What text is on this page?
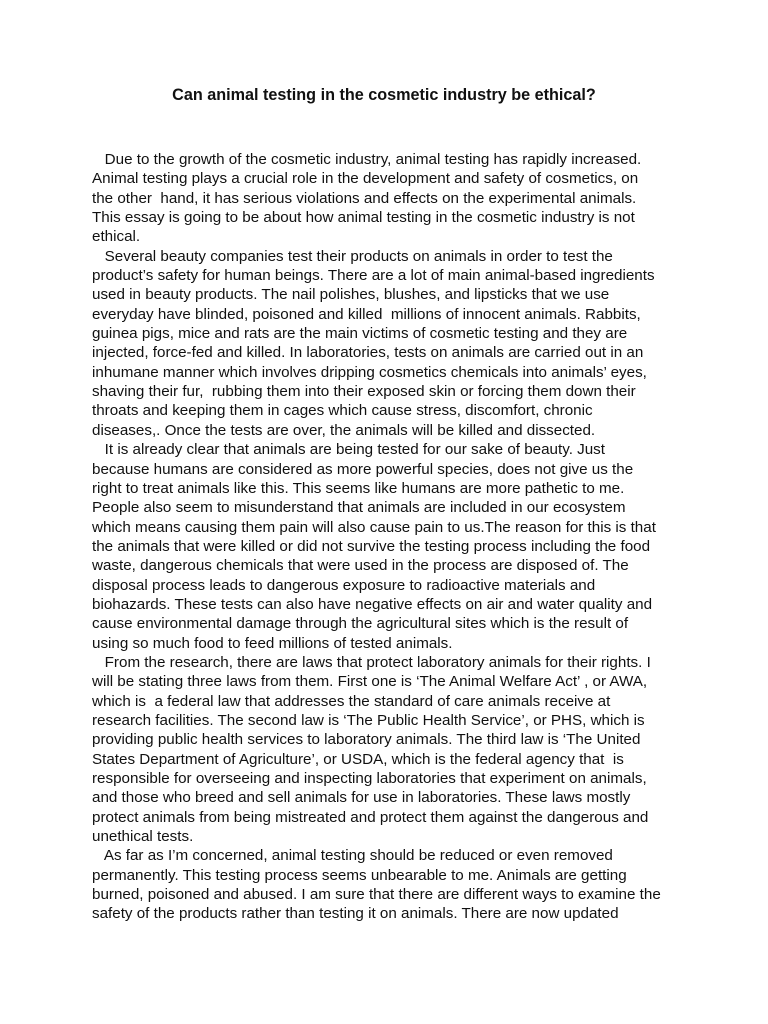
Can animal testing in the cosmetic industry be ethical?
Due to the growth of the cosmetic industry, animal testing has rapidly increased.
Animal testing plays a crucial role in the development and safety of cosmetics, on
the other  hand, it has serious violations and effects on the experimental animals.
This essay is going to be about how animal testing in the cosmetic industry is not
ethical.
Several beauty companies test their products on animals in order to test the
product’s safety for human beings. There are a lot of main animal-based ingredients
used in beauty products. The nail polishes, blushes, and lipsticks that we use
everyday have blinded, poisoned and killed  millions of innocent animals. Rabbits,
guinea pigs, mice and rats are the main victims of cosmetic testing and they are
injected, force-fed and killed. In laboratories, tests on animals are carried out in an
inhumane manner which involves dripping cosmetics chemicals into animals’ eyes,
shaving their fur,  rubbing them into their exposed skin or forcing them down their
throats and keeping them in cages which cause stress, discomfort, chronic
diseases,. Once the tests are over, the animals will be killed and dissected.
It is already clear that animals are being tested for our sake of beauty. Just
because humans are considered as more powerful species, does not give us the
right to treat animals like this. This seems like humans are more pathetic to me.
People also seem to misunderstand that animals are included in our ecosystem
which means causing them pain will also cause pain to us.The reason for this is that
the animals that were killed or did not survive the testing process including the food
waste, dangerous chemicals that were used in the process are disposed of. The
disposal process leads to dangerous exposure to radioactive materials and
biohazards. These tests can also have negative effects on air and water quality and
cause environmental damage through the agricultural sites which is the result of
using so much food to feed millions of tested animals.
From the research, there are laws that protect laboratory animals for their rights. I
will be stating three laws from them. First one is ‘The Animal Welfare Act’ , or AWA,
which is  a federal law that addresses the standard of care animals receive at
research facilities. The second law is ‘The Public Health Service’, or PHS, which is
providing public health services to laboratory animals. The third law is ‘The United
States Department of Agriculture’, or USDA, which is the federal agency that  is
responsible for overseeing and inspecting laboratories that experiment on animals,
and those who breed and sell animals for use in laboratories. These laws mostly
protect animals from being mistreated and protect them against the dangerous and
unethical tests.
As far as I’m concerned, animal testing should be reduced or even removed
permanently. This testing process seems unbearable to me. Animals are getting
burned, poisoned and abused. I am sure that there are different ways to examine the
safety of the products rather than testing it on animals. There are now updated
